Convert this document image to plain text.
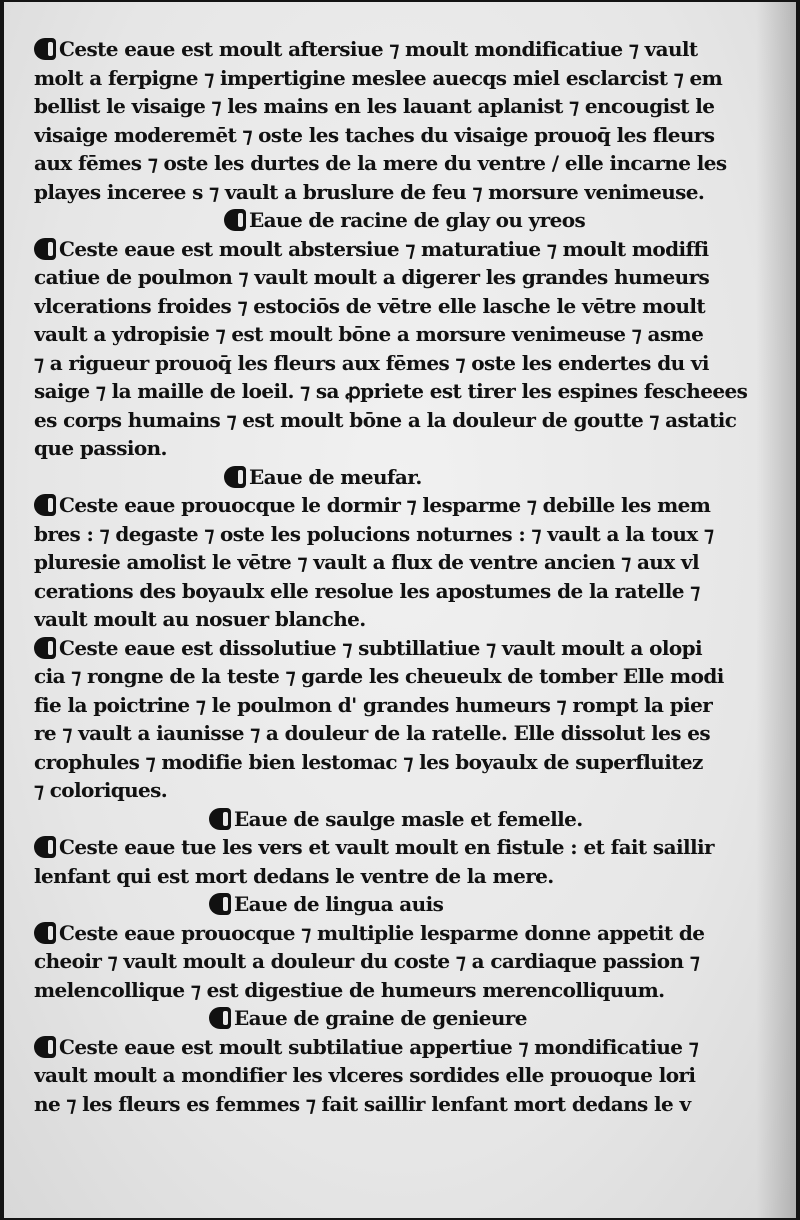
Ceste eaue est moult aftersiue ⁊ moult mondificatiue ⁊ vault
molt a ferpigne ⁊ impertigine meslee auecqs miel esclarcist ⁊ em
bellist le visaige ⁊ les mains en les lauant aplanist ⁊ encougist le
visaige moderemēt ⁊ oste les taches du visaige prouoq̄ les fleurs
aux fēmes ⁊ oste les durtes de la mere du ventre / elle incarne les
playes inceree s ⁊ vault a bruslure de feu ⁊ morsure venimeuse.
Eaue de racine de glay ou yreos
Ceste eaue est moult abstersiue ⁊ maturatiue ⁊ moult modiffi
catiue de poulmon ⁊ vault moult a digerer les grandes humeurs
vlcerations froides ⁊ estociōs de vētre elle lasche le vētre moult
vault a ydropisie ⁊ est moult bōne a morsure venimeuse ⁊ asme
⁊ a rigueur prouoq̄ les fleurs aux fēmes ⁊ oste les endertes du vi
saige ⁊ la maille de loeil. ⁊ sa ꝓpriete est tirer les espines fescheees
es corps humains ⁊ est moult bōne a la douleur de goutte ⁊ astatic
que passion.
Eaue de meufar.
Ceste eaue prouocque le dormir ⁊ lesparme ⁊ debille les mem
bres : ⁊ degaste ⁊ oste les polucions noturnes : ⁊ vault a la toux ⁊
pluresie amolist le vētre ⁊ vault a flux de ventre ancien ⁊ aux vl
cerations des boyaulx elle resolue les apostumes de la ratelle ⁊
vault moult au nosuer blanche.
Ceste eaue est dissolutiue ⁊ subtillatiue ⁊ vault moult a olopi
cia ⁊ rongne de la teste ⁊ garde les cheueulx de tomber Elle modi
fie la poictrine ⁊ le poulmon d' grandes humeurs ⁊ rompt la pier
re ⁊ vault a iaunisse ⁊ a douleur de la ratelle. Elle dissolut les es
crophules ⁊ modifie bien lestomac ⁊ les boyaulx de superfluitez
⁊ coloriques.
Eaue de saulge masle et femelle.
Ceste eaue tue les vers et vault moult en fistule : et fait saillir
lenfant qui est mort dedans le ventre de la mere.
Eaue de lingua auis
Ceste eaue prouocque ⁊ multiplie lesparme donne appetit de
cheoir ⁊ vault moult a douleur du coste ⁊ a cardiaque passion ⁊
melencollique ⁊ est digestiue de humeurs merencolliquum.
Eaue de graine de genieure
Ceste eaue est moult subtilatiue appertiue ⁊ mondificatiue ⁊
vault moult a mondifier les vlceres sordides elle prouoque lori
ne ⁊ les fleurs es femmes ⁊ fait saillir lenfant mort dedans le v
